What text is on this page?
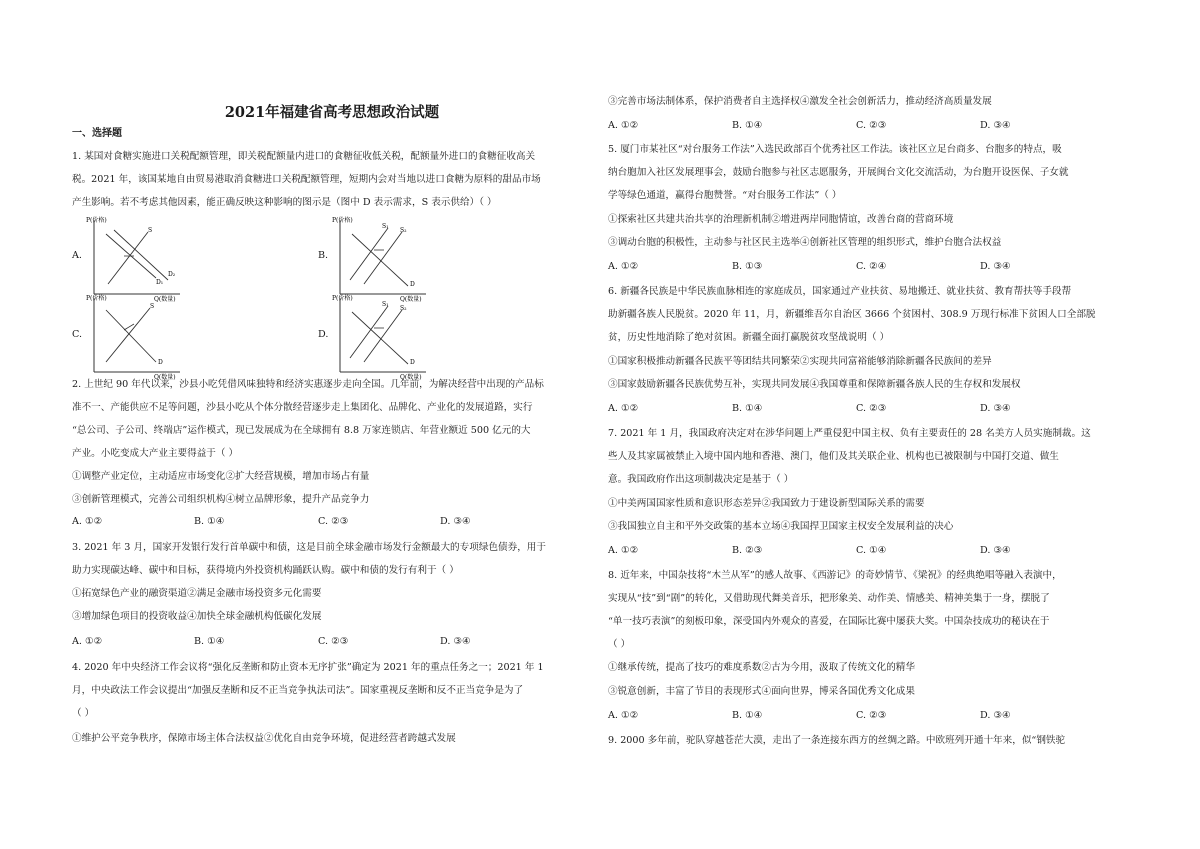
2021年福建省高考思想政治试题
一、选择题
1. 某国对食糖实施进口关税配额管理，即关税配额量内进口的食糖征收低关税，配额量外进口的食糖征收高关
税。2021 年，该国某地自由贸易港取消食糖进口关税配额管理，短期内会对当地以进口食糖为原料的甜品市场
产生影响。若不考虑其他因素，能正确反映这种影响的图示是（图中 D 表示需求，S 表示供给）（ ）
A.
P(价格)
Q(数量)
S
D₁
D₂
B.
P(价格)
Q(数量)
S₁
S₂
D
C.
P(价格)
Q(数量)
S
D
D.
P(价格)
Q(数量)
S₁
S₂
D
2. 上世纪 90 年代以来，沙县小吃凭借风味独特和经济实惠逐步走向全国。几年前，为解决经营中出现的产品标
准不一、产能供应不足等问题，沙县小吃从个体分散经营逐步走上集团化、品牌化、产业化的发展道路，实行
“总公司、子公司、终端店”运作模式，现已发展成为在全球拥有 8.8 万家连锁店、年营业额近 500 亿元的大
产业。小吃变成大产业主要得益于（ ）
①调整产业定位，主动适应市场变化②扩大经营规模，增加市场占有量
③创新管理模式，完善公司组织机构④树立品牌形象，提升产品竞争力
A. ①②	B. ①④	C. ②③	D. ③④
3. 2021 年 3 月，国家开发银行发行首单碳中和债，这是目前全球金融市场发行金额最大的专项绿色债券，用于
助力实现碳达峰、碳中和目标，获得境内外投资机构踊跃认购。碳中和债的发行有利于（ ）
①拓宽绿色产业的融资渠道②满足金融市场投资多元化需要
③增加绿色项目的投资收益④加快全球金融机构低碳化发展
A. ①②	B. ①④	C. ②③	D. ③④
4. 2020 年中央经济工作会议将“强化反垄断和防止资本无序扩张”确定为 2021 年的重点任务之一；2021 年 1
月，中央政法工作会议提出“加强反垄断和反不正当竞争执法司法”。国家重视反垄断和反不正当竞争是为了
（ ）
①维护公平竞争秩序，保障市场主体合法权益②优化自由竞争环境，促进经营者跨越式发展
③完善市场法制体系，保护消费者自主选择权④激发全社会创新活力，推动经济高质量发展
A. ①②	B. ①④	C. ②③	D. ③④
5. 厦门市某社区“对台服务工作法”入选民政部百个优秀社区工作法。该社区立足台商多、台胞多的特点，吸
纳台胞加入社区发展理事会，鼓励台胞参与社区志愿服务，开展闽台文化交流活动，为台胞开设医保、子女就
学等绿色通道，赢得台胞赞誉。“对台服务工作法”（ ）
①探索社区共建共治共享的治理新机制②增进两岸同胞情谊，改善台商的营商环境
③调动台胞的积极性，主动参与社区民主选举④创新社区管理的组织形式，维护台胞合法权益
A. ①②	B. ①③	C. ②④	D. ③④
6. 新疆各民族是中华民族血脉相连的家庭成员，国家通过产业扶贫、易地搬迁、就业扶贫、教育帮扶等手段帮
助新疆各族人民脱贫。2020 年 11，月，新疆维吾尔自治区 3666 个贫困村、308.9 万现行标准下贫困人口全部脱
贫，历史性地消除了绝对贫困。新疆全面打赢脱贫攻坚战说明（ ）
①国家积极推动新疆各民族平等团结共同繁荣②实现共同富裕能够消除新疆各民族间的差异
③国家鼓励新疆各民族优势互补，实现共同发展④我国尊重和保障新疆各族人民的生存权和发展权
A. ①②	B. ①④	C. ②③	D. ③④
7. 2021 年 1 月，我国政府决定对在涉华问题上严重侵犯中国主权、负有主要责任的 28 名美方人员实施制裁。这
些人及其家属被禁止入境中国内地和香港、澳门，他们及其关联企业、机构也已被限制与中国打交道、做生
意。我国政府作出这项制裁决定是基于（ ）
①中美两国国家性质和意识形态差异②我国致力于建设新型国际关系的需要
③我国独立自主和平外交政策的基本立场④我国捍卫国家主权安全发展利益的决心
A. ①②	B. ②③	C. ①④	D. ③④
8. 近年来，中国杂技将“木兰从军”的感人故事、《西游记》的奇妙情节、《梁祝》的经典绝唱等融入表演中，
实现从“技”到“剧”的转化，又借助现代舞美音乐，把形象美、动作美、情感美、精神美集于一身，摆脱了
“单一技巧表演”的刻板印象，深受国内外观众的喜爱，在国际比赛中屡获大奖。中国杂技成功的秘诀在于
（ ）
①继承传统，提高了技巧的难度系数②古为今用，汲取了传统文化的精华
③锐意创新，丰富了节目的表现形式④面向世界，博采各国优秀文化成果
A. ①②	B. ①④	C. ②③	D. ③④
9. 2000 多年前，驼队穿越苍茫大漠，走出了一条连接东西方的丝绸之路。中欧班列开通十年来，似“钢铁驼
